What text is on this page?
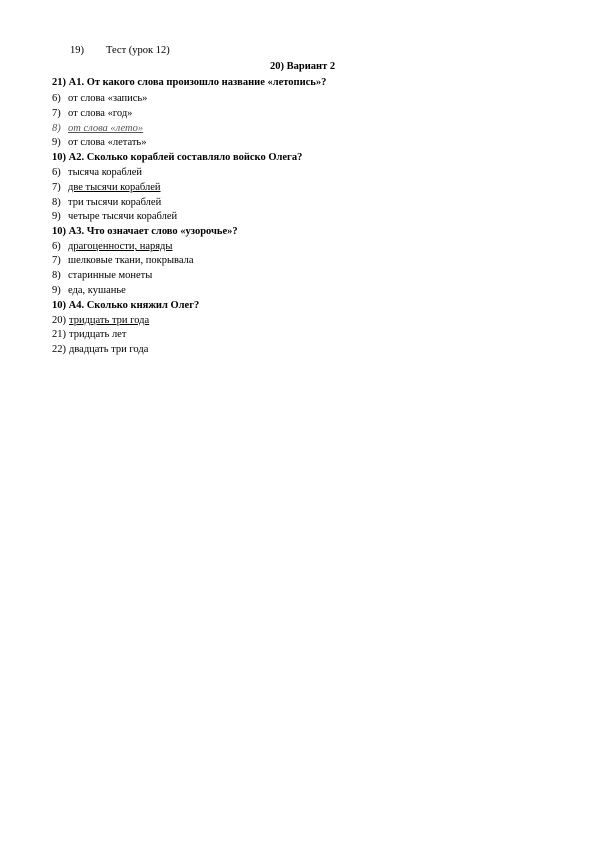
19) Тест (урок 12)
20) Вариант 2
21) А1. От какого слова произошло название «летопись»?
6) от слова «запись»
7) от слова «год»
8) от слова «лето»
9) от слова «летать»
10) А2. Сколько кораблей составляло войско Олега?
6) тысяча кораблей
7) две тысячи кораблей
8) три тысячи кораблей
9) четыре тысячи кораблей
10) А3. Что означает слово «узорочье»?
6) драгоценности, наряды
7) шелковые ткани, покрывала
8) старинные монеты
9) еда, кушанье
10) А4. Сколько княжил Олег?
20) тридцать три года
21) тридцать лет
22) двадцать три года
